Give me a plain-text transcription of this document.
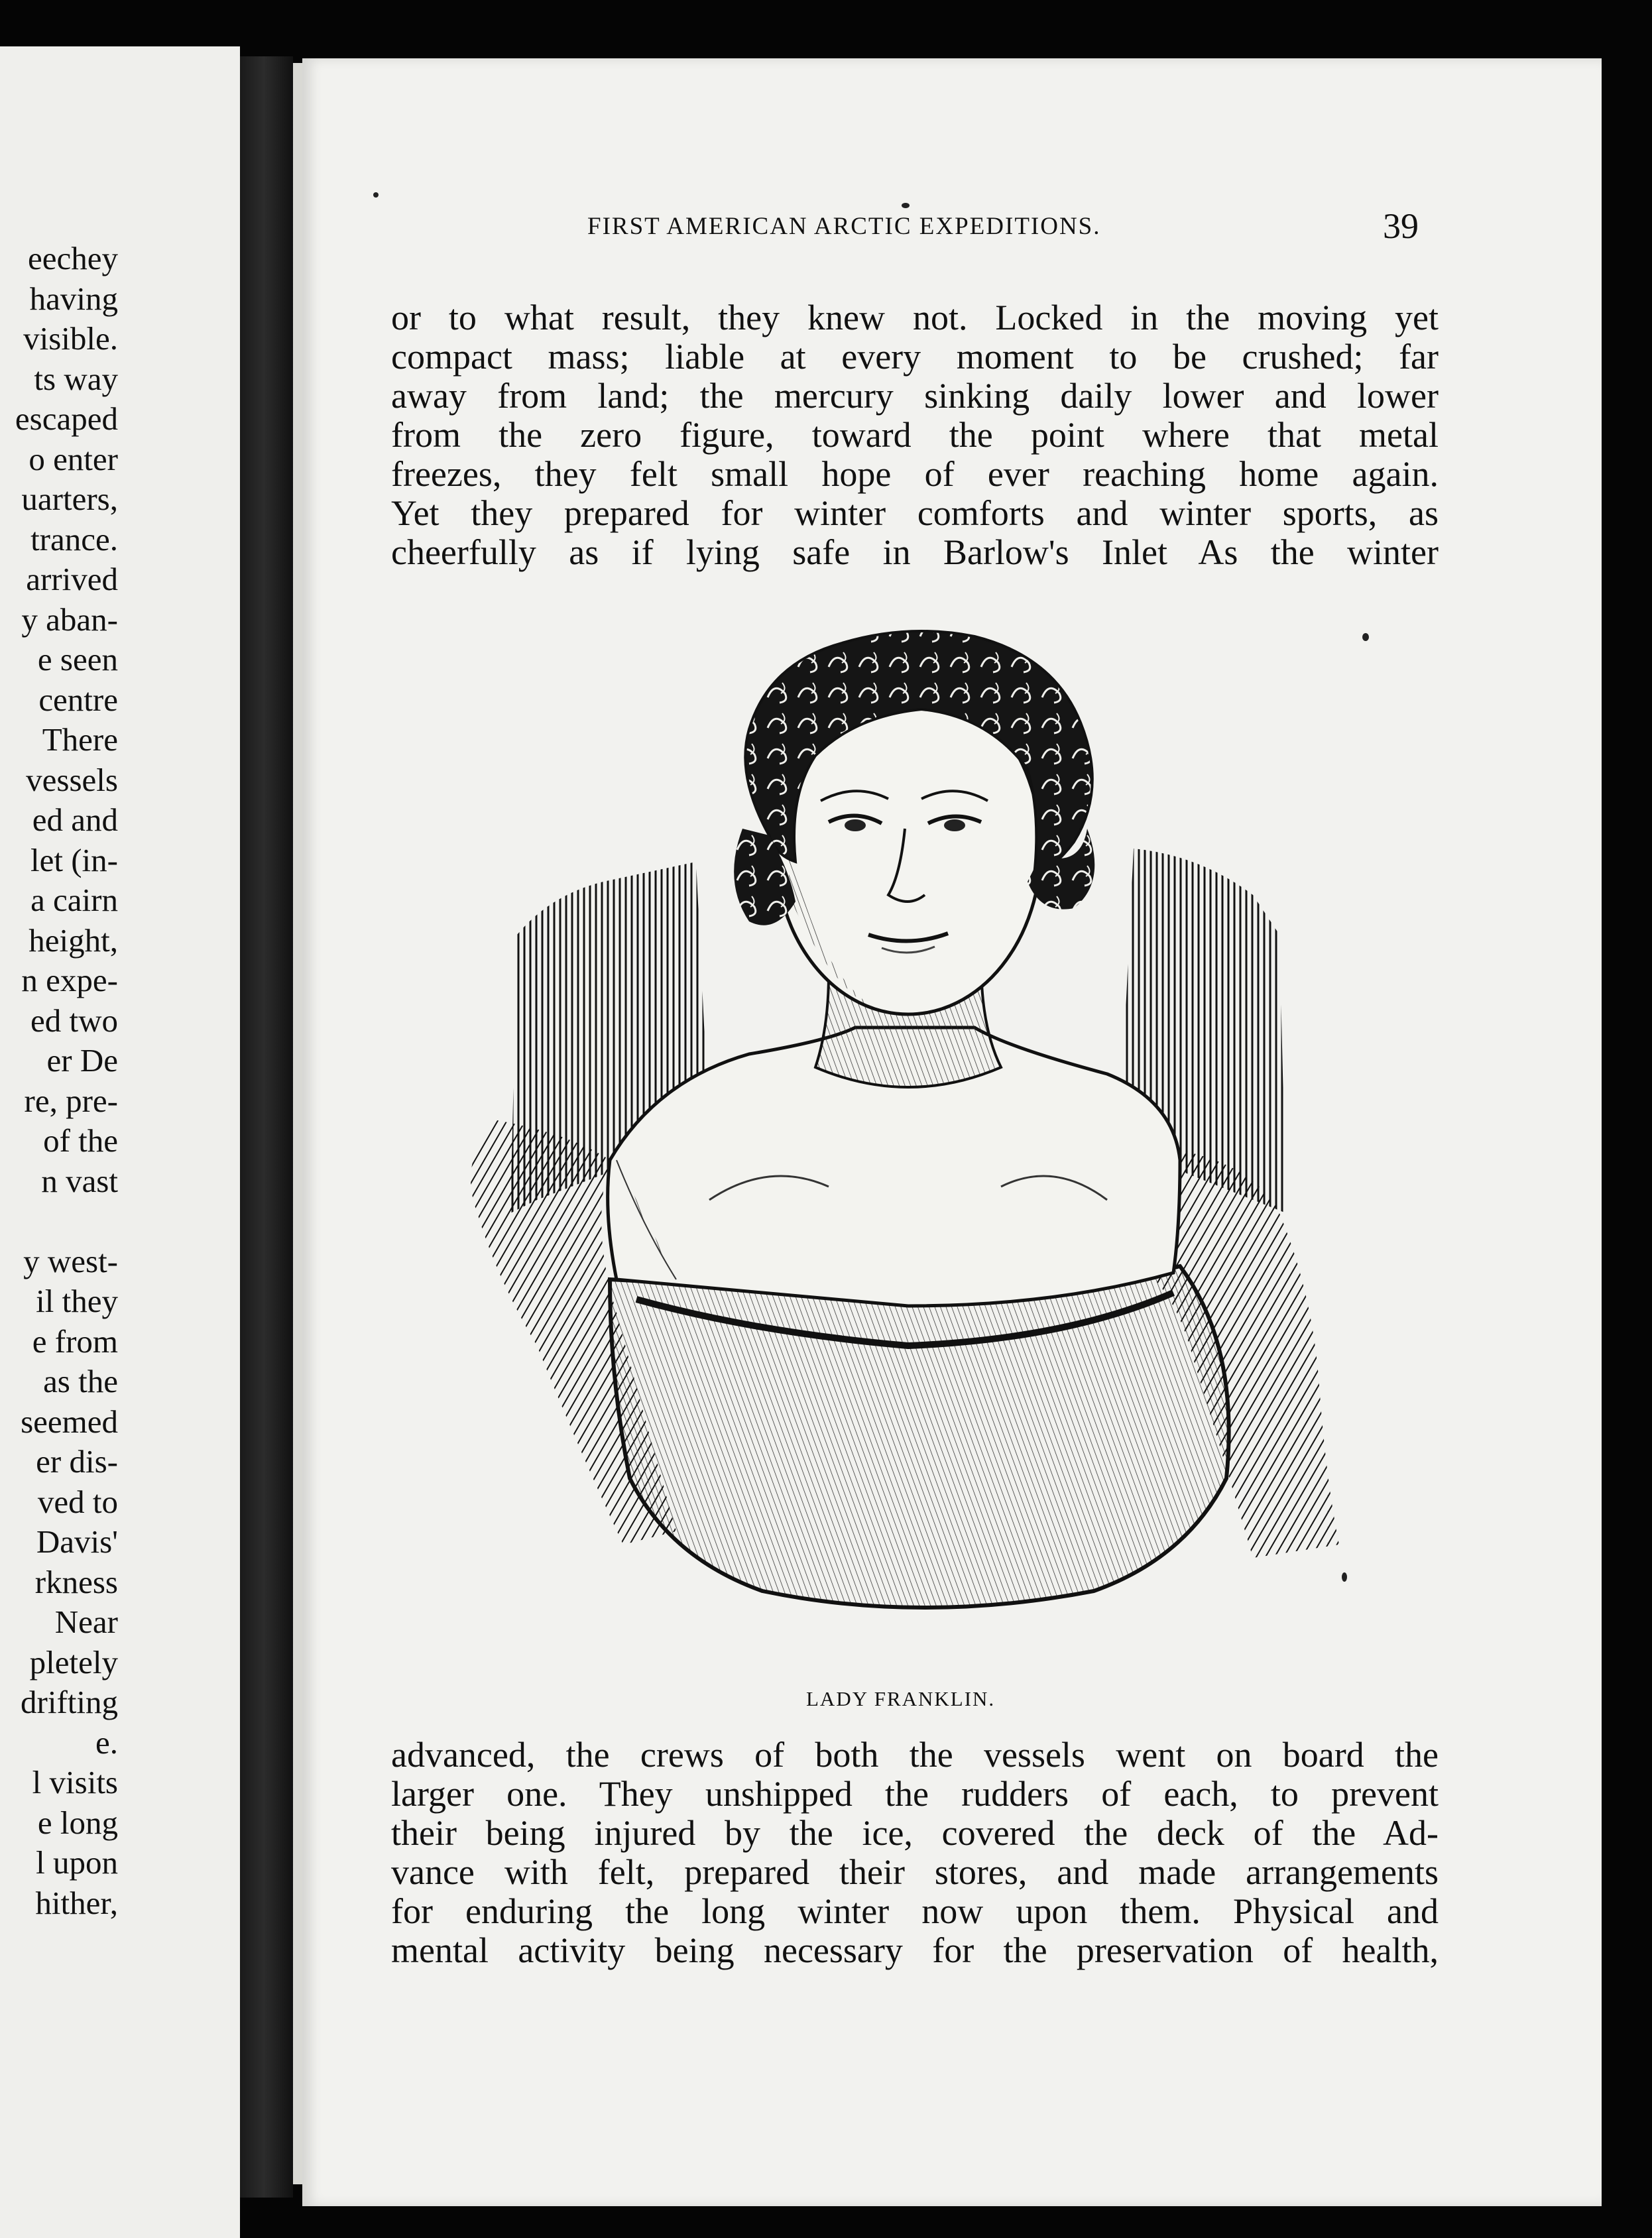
eechey
having
visible.
ts way
escaped
o enter
uarters,
trance.
arrived
y aban-
e seen
centre
There
vessels
ed and
let (in-
a cairn
height,
n expe-
ed two
er De
re, pre-
of the
n vast
y west-
il they
e from
as the
seemed
er dis-
ved to
Davis'
rkness
Near
pletely
drifting
e.
l visits
e long
l upon
hither,
FIRST AMERICAN ARCTIC EXPEDITIONS.	39
or to what result, they knew not. Locked in the moving yet
compact mass; liable at every moment to be crushed; far
away from land; the mercury sinking daily lower and lower
from the zero figure, toward the point where that metal
freezes, they felt small hope of ever reaching home again.
Yet they prepared for winter comforts and winter sports, as
cheerfully as if lying safe in Barlow's Inlet As the winter
LADY FRANKLIN.
advanced, the crews of both the vessels went on board the
larger one. They unshipped the rudders of each, to prevent
their being injured by the ice, covered the deck of the Ad-
vance with felt, prepared their stores, and made arrangements
for enduring the long winter now upon them. Physical and
mental activity being necessary for the preservation of health,
